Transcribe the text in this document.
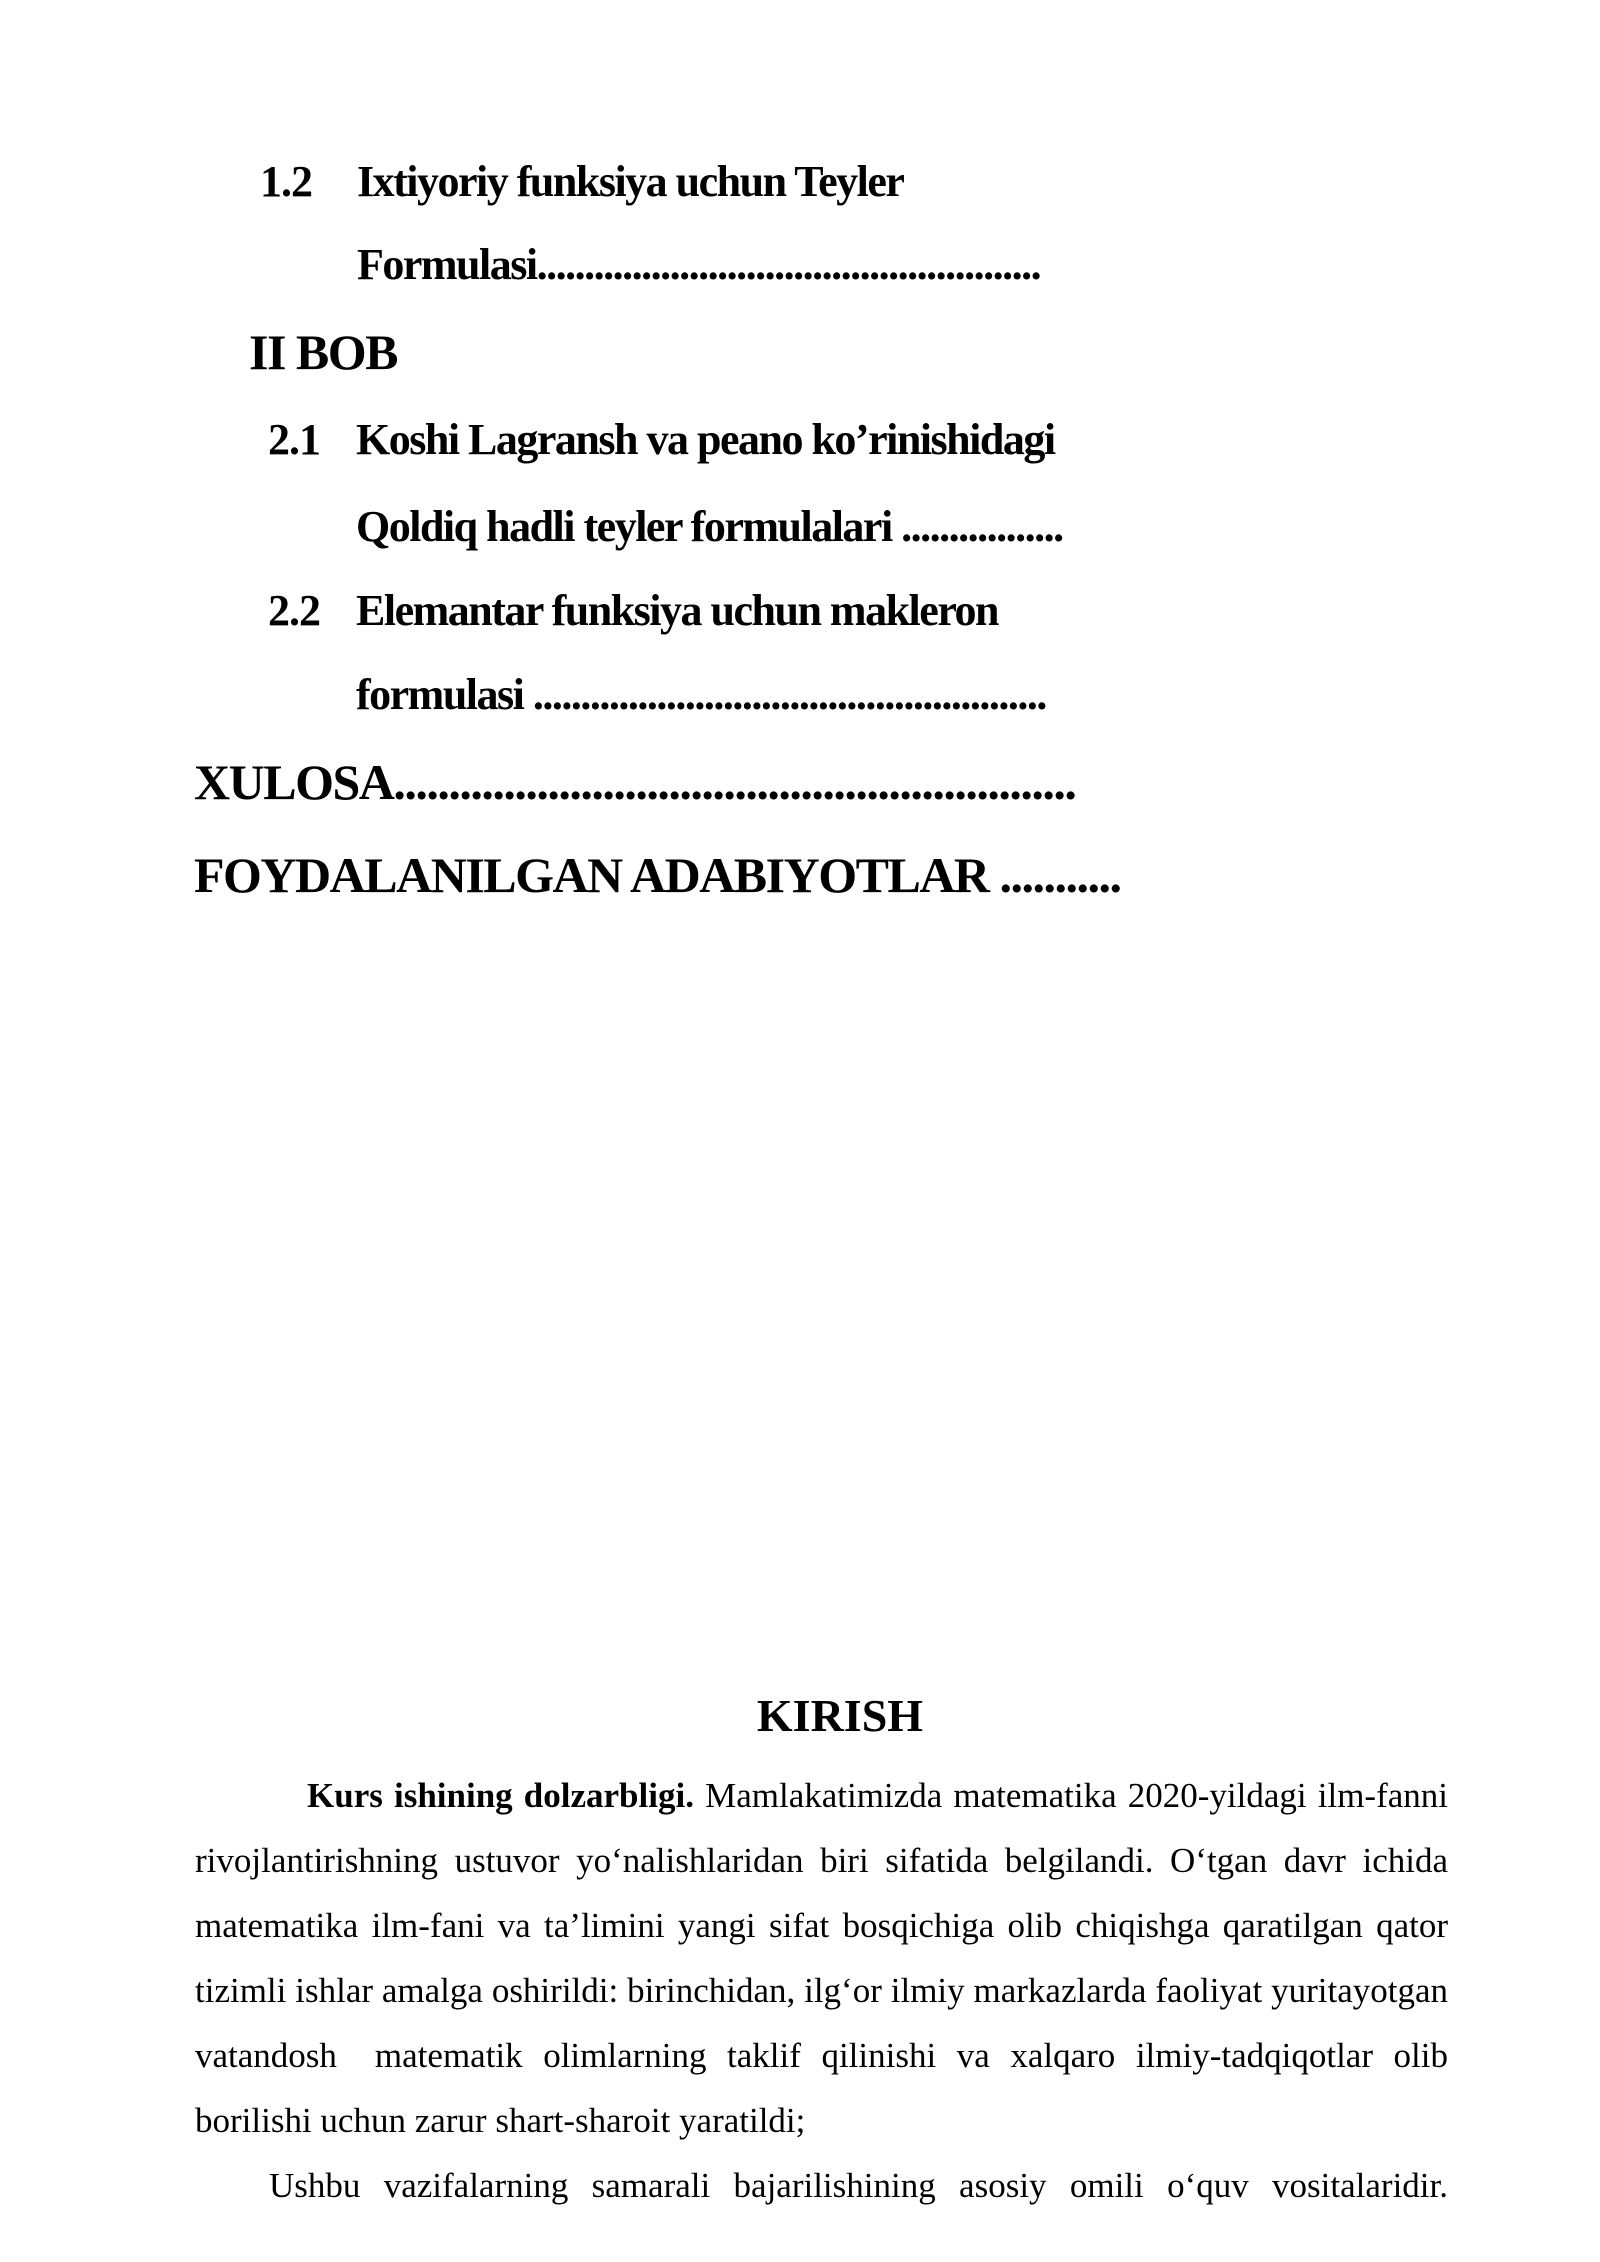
1.2 Ixtiyoriy funksiya uchun Teyler
Formulasi.....................................................
II BOB
2.1 Koshi Lagransh va peano ko’rinishidagi
Qoldiq hadli teyler formulalari .................
2.2 Elemantar funksiya uchun makleron
formulasi ......................................................
XULOSA..............................................................
FOYDALANILGAN ADABIYOTLAR ...........
KIRISH

Kurs ishining dolzarbligi. Mamlakatimizda matematika 2020-yildagi ilm-fanni rivojlantirishning ustuvor yo‘nalishlaridan biri sifatida belgilandi. O‘tgan davr ichida matematika ilm-fani va ta’limini yangi sifat bosqichiga olib chiqishga qaratilgan qator tizimli ishlar amalga oshirildi: birinchidan, ilg‘or ilmiy markazlarda faoliyat yuritayotgan vatandosh matematik olimlarning taklif qilinishi va xalqaro ilmiy-tadqiqotlar olib borilishi uchun zarur shart-sharoit yaratildi;

Ushbu vazifalarning samarali bajarilishining asosiy omili o‘quv vositalaridir.
